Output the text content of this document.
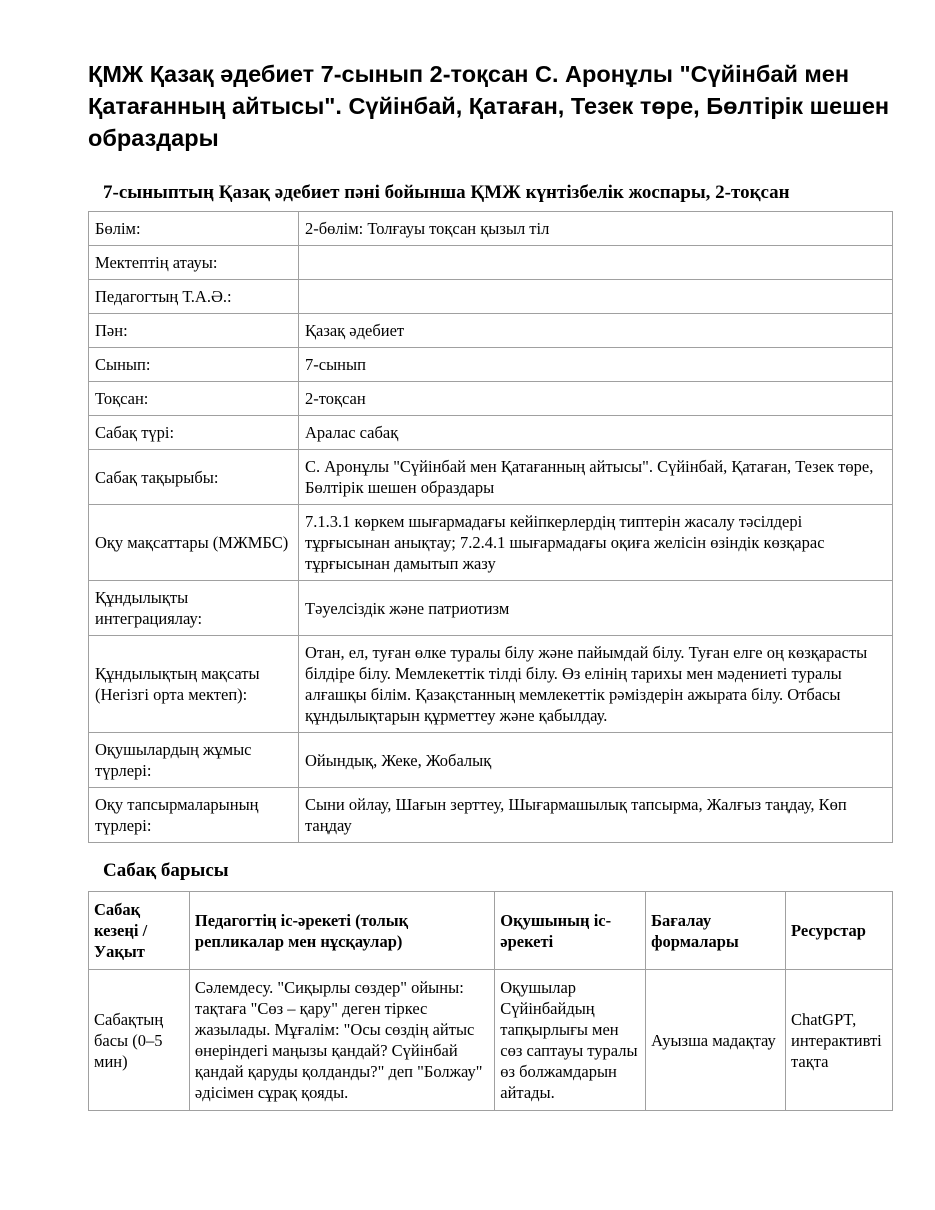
ҚМЖ Қазақ әдебиет 7-сынып 2-тоқсан С. Аронұлы "Сүйінбай мен Қатағанның айтысы". Сүйінбай, Қатаған, Тезек төре, Бөлтірік шешен образдары
7-сыныптың Қазақ әдебиет пәні бойынша ҚМЖ күнтізбелік жоспары, 2-тоқсан
Бөлім:	2-бөлім: Толғауы тоқсан қызыл тіл
Мектептің атауы:	
Педагогтың Т.А.Ә.:	
Пән:	Қазақ әдебиет
Сынып:	7-сынып
Тоқсан:	2-тоқсан
Сабақ түрі:	Аралас сабақ
Сабақ тақырыбы:	С. Аронұлы "Сүйінбай мен Қатағанның айтысы". Сүйінбай, Қатаған, Тезек төре, Бөлтірік шешен образдары
Оқу мақсаттары (МЖМБС)	7.1.3.1 көркем шығармадағы кейіпкерлердің типтерін жасалу тәсілдері тұрғысынан анықтау; 7.2.4.1 шығармадағы оқиға желісін өзіндік көзқарас тұрғысынан дамытып жазу
Құндылықты интеграциялау:	Тәуелсіздік және патриотизм
Құндылықтың мақсаты (Негізгі орта мектеп):	Отан, ел, туған өлке туралы білу және пайымдай білу. Туған елге оң көзқарасты білдіре білу. Мемлекеттік тілді білу. Өз елінің тарихы мен мәдениеті туралы алғашқы білім. Қазақстанның мемлекеттік рәміздерін ажырата білу. Отбасы құндылықтарын құрметтеу және қабылдау.
Оқушылардың жұмыс түрлері:	Ойындық, Жеке, Жобалық
Оқу тапсырмаларының түрлері:	Сыни ойлау, Шағын зерттеу, Шығармашылық тапсырма, Жалғыз таңдау, Көп таңдау
Сабақ барысы
Сабақ кезеңі / Уақыт	Педагогтің іс-әрекеті (толық репликалар мен нұсқаулар)	Оқушының іс-әрекеті	Бағалау формалары	Ресурстар
Сабақтың басы (0–5 мин)	Сәлемдесу. "Сиқырлы сөздер" ойыны: тақтаға "Сөз – қару" деген тіркес жазылады. Мұғалім: "Осы сөздің айтыс өнеріндегі маңызы қандай? Сүйінбай қандай қаруды қолданды?" деп "Болжау" әдісімен сұрақ қояды.	Оқушылар Сүйінбайдың тапқырлығы мен сөз саптауы туралы өз болжамдарын айтады.	Ауызша мадақтау	ChatGPT, интерактивті тақта
